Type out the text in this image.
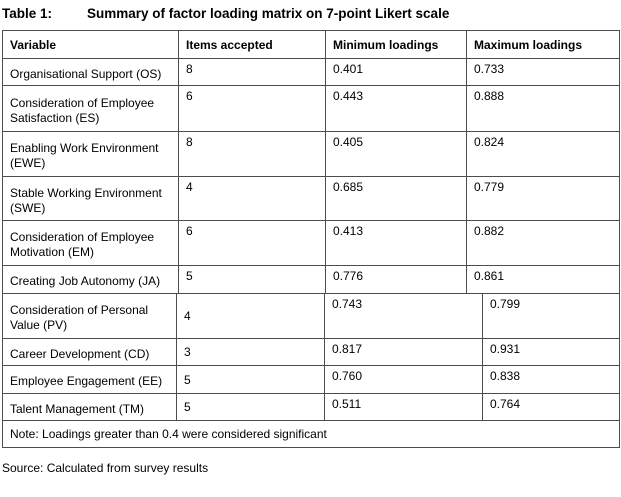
Table 1:	Summary of factor loading matrix on 7-point Likert scale
Variable	Items accepted	Minimum loadings	Maximum loadings
Organisational Support (OS)	8	0.401	0.733
Consideration of Employee Satisfaction (ES)	6	0.443	0.888
Enabling Work Environment (EWE)	8	0.405	0.824
Stable Working Environment (SWE)	4	0.685	0.779
Consideration of Employee Motivation (EM)	6	0.413	0.882
Creating Job Autonomy (JA)	5	0.776	0.861
Consideration of Personal Value (PV)	4	0.743	0.799
Career Development (CD)	3	0.817	0.931
Employee Engagement (EE)	5	0.760	0.838
Talent Management (TM)	5	0.511	0.764
Note: Loadings greater than 0.4 were considered significant			
Source: Calculated from survey results
